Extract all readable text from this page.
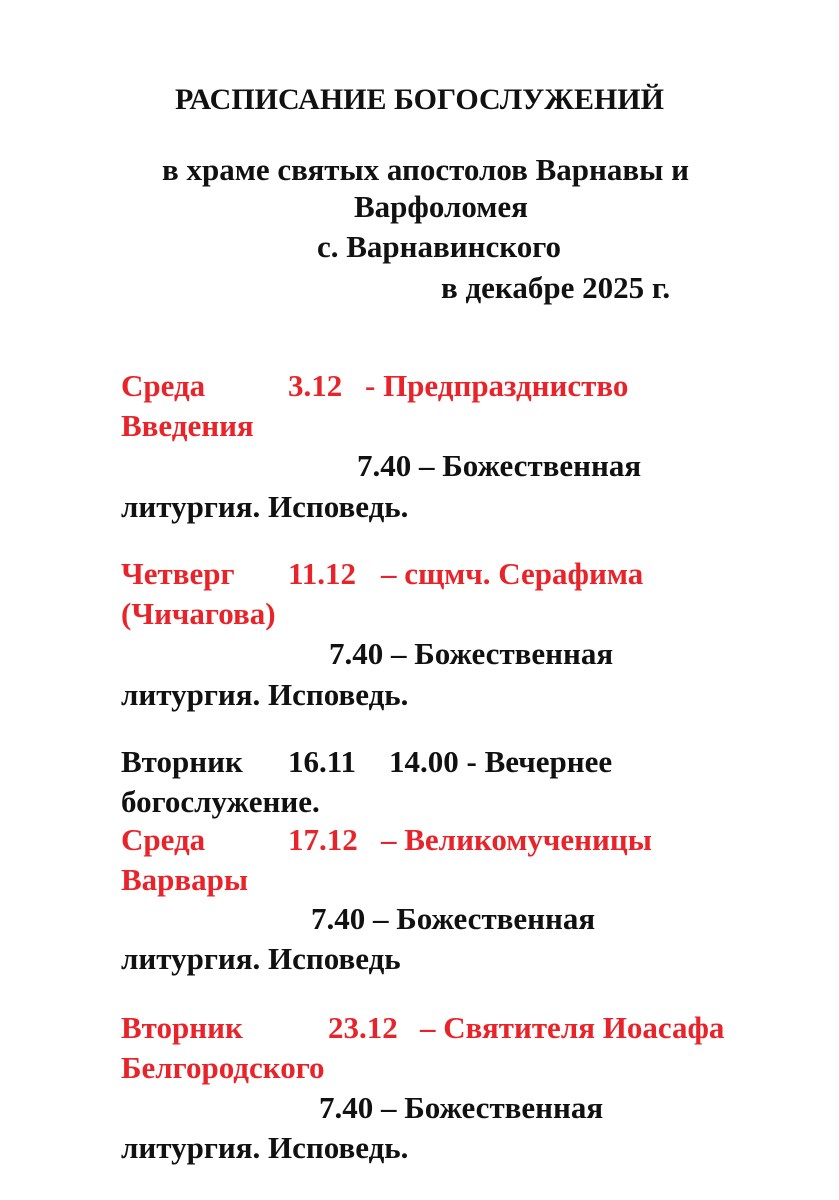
РАСПИСАНИЕ БОГОСЛУЖЕНИЙ
в храме святых апостолов Варнавы и
Варфоломея
с. Варнавинского
в декабре 2025 г.
Среда	3.12 - Предпраздниство
Введения
7.40 – Божественная
литургия. Исповедь.
Четверг 11.12 – сщмч. Серафима
(Чичагова)
7.40 – Божественная
литургия. Исповедь.
Вторник 16.11 14.00 - Вечернее
богослужение.
Среда	17.12 – Великомученицы
Варвары
7.40 – Божественная
литургия. Исповедь
Вторник	23.12 – Святителя Иоасафа
Белгородского
7.40 – Божественная
литургия. Исповедь.
